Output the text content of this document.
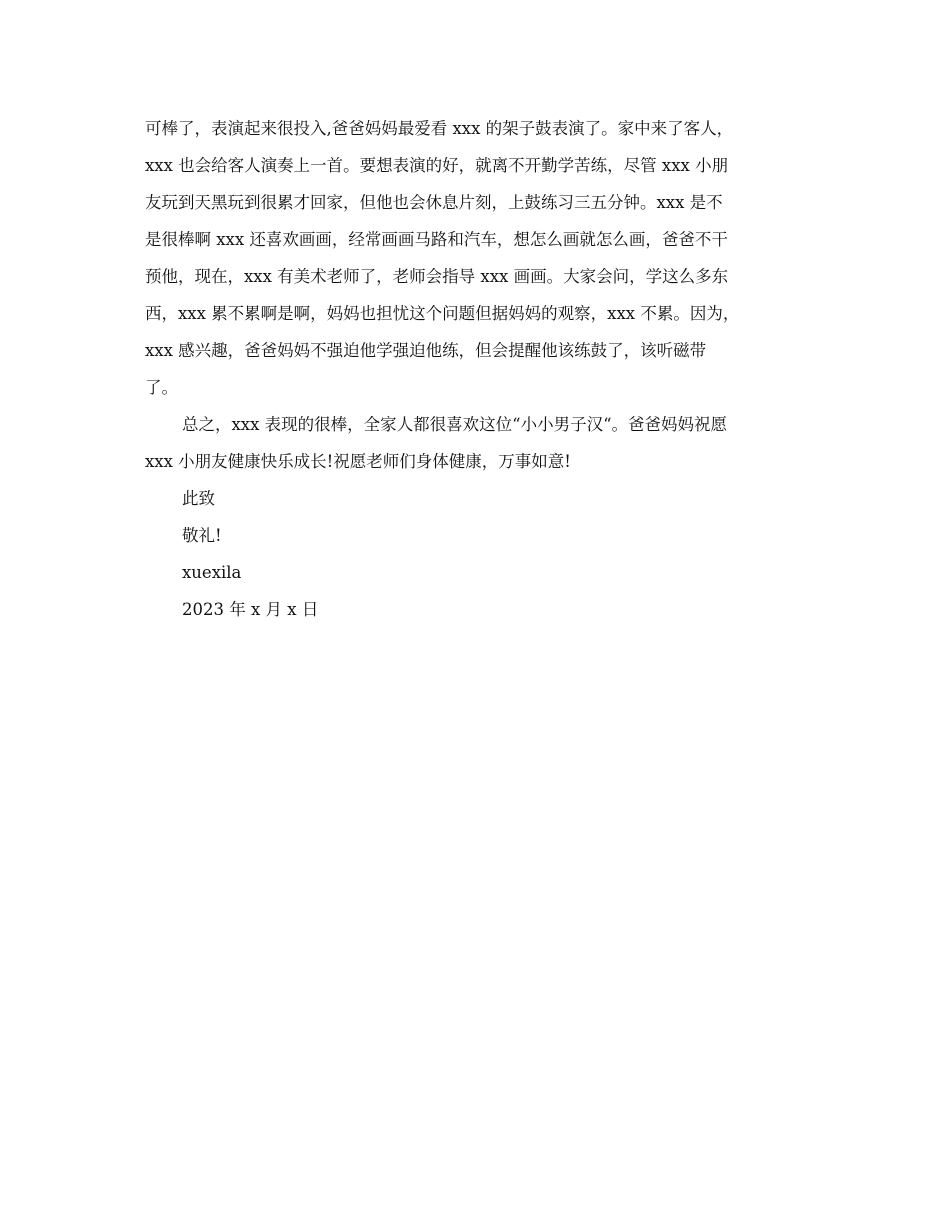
可棒了，表演起来很投入,爸爸妈妈最爱看 xxx 的架子鼓表演了。家中来了客人，
xxx 也会给客人演奏上一首。要想表演的好，就离不开勤学苦练，尽管 xxx 小朋
友玩到天黑玩到很累才回家，但他也会休息片刻，上鼓练习三五分钟。xxx 是不
是很棒啊 xxx 还喜欢画画，经常画画马路和汽车，想怎么画就怎么画，爸爸不干
预他，现在，xxx 有美术老师了，老师会指导 xxx 画画。大家会问，学这么多东
西，xxx 累不累啊是啊，妈妈也担忧这个问题但据妈妈的观察，xxx 不累。因为，
xxx 感兴趣，爸爸妈妈不强迫他学强迫他练，但会提醒他该练鼓了，该听磁带
了。
总之，xxx 表现的很棒，全家人都很喜欢这位“小小男子汉“。爸爸妈妈祝愿
xxx 小朋友健康快乐成长!祝愿老师们身体健康，万事如意!
此致
敬礼!
xuexila
2023 年 x 月 x 日
